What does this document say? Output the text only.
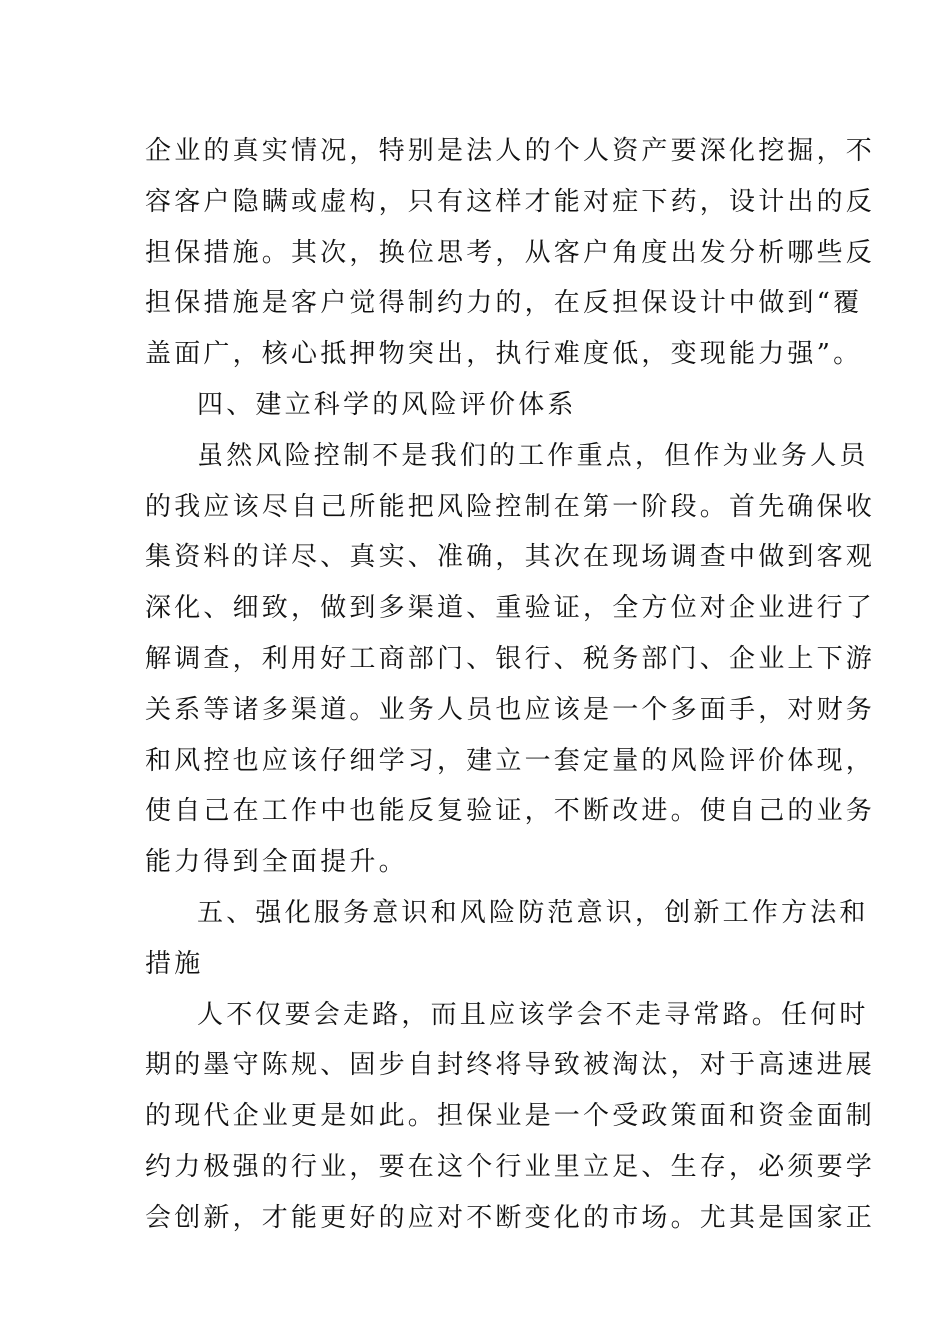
企业的真实情况，特别是法人的个人资产要深化挖掘，不
容客户隐瞒或虚构，只有这样才能对症下药，设计出的反
担保措施。其次，换位思考，从客户角度出发分析哪些反
担保措施是客户觉得制约力的，在反担保设计中做到“覆
盖面广，核心抵押物突出，执行难度低，变现能力强”。
四、建立科学的风险评价体系
虽然风险控制不是我们的工作重点，但作为业务人员
的我应该尽自己所能把风险控制在第一阶段。首先确保收
集资料的详尽、真实、准确，其次在现场调查中做到客观
深化、细致，做到多渠道、重验证，全方位对企业进行了
解调查，利用好工商部门、银行、税务部门、企业上下游
关系等诸多渠道。业务人员也应该是一个多面手，对财务
和风控也应该仔细学习，建立一套定量的风险评价体现，
使自己在工作中也能反复验证，不断改进。使自己的业务
能力得到全面提升。
五、强化服务意识和风险防范意识，创新工作方法和
措施
人不仅要会走路，而且应该学会不走寻常路。任何时
期的墨守陈规、固步自封终将导致被淘汰，对于高速进展
的现代企业更是如此。担保业是一个受政策面和资金面制
约力极强的行业，要在这个行业里立足、生存，必须要学
会创新，才能更好的应对不断变化的市场。尤其是国家正
